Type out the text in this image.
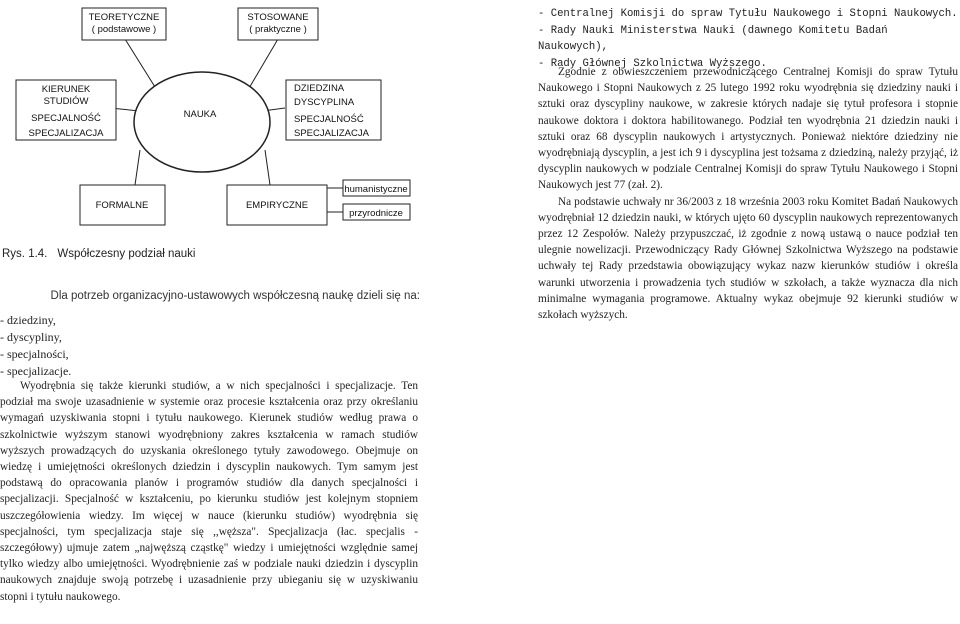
TEORETYCZNE
( podstawowe )
STOSOWANE
( praktyczne )
NAUKA
KIERUNEK
STUDIÓW
SPECJALNOŚĆ
SPECJALIZACJA
DZIEDZINA
DYSCYPLINA
SPECJALNOŚĆ
SPECJALIZACJA
FORMALNE	EMPIRYCZNE
humanistyczne
przyrodnicze
Rys. 1.4. Współczesny podział nauki
Dla potrzeb organizacyjno-ustawowych współczesną naukę dzieli się na:
- dziedziny,
- dyscypliny,
- specjalności,
- specjalizacje.

Wyodrębnia się także kierunki studiów, a w nich specjalności i specjalizacje. Ten podział ma swoje uzasadnienie w systemie oraz procesie kształcenia oraz przy określaniu wymagań uzyskiwania stopni i tytułu naukowego. Kierunek studiów według prawa o szkolnictwie wyższym stanowi wyodrębniony zakres kształcenia w ramach studiów wyższych prowadzących do uzyskania określonego tytuły zawodowego. Obejmuje on wiedzę i umiejętności określonych dziedzin i dyscyplin naukowych. Tym samym jest podstawą do opracowania planów i programów studiów dla danych specjalności i specjalizacji. Specjalność w kształceniu, po kierunku studiów jest kolejnym stopniem uszczegółowienia wiedzy. Im więcej w nauce (kierunku studiów) wyodrębnia się specjalności, tym specjalizacja staje się ,,węższa". Specjalizacja (łac. specjalis - szczegółowy) ujmuje zatem „najwęższą cząstkę" wiedzy i umiejętności względnie samej tylko wiedzy albo umiejętności. Wyodrębnienie zaś w podziale nauki dziedzin i dyscyplin naukowych znajduje swoją potrzebę i uzasadnienie przy ubieganiu się w uzyskiwaniu stopni i tytułu naukowego.

- Centralnej Komisji do spraw Tytułu Naukowego i Stopni Naukowych.
- Rady Nauki Ministerstwa Nauki (dawnego Komitetu Badań Naukowych),
- Rady Głównej Szkolnictwa Wyższego.

Zgodnie z obwieszczeniem przewodniczącego Centralnej Komisji do spraw Tytułu Naukowego i Stopni Naukowych z 25 lutego 1992 roku wyodrębnia się dziedziny nauki i sztuki oraz dyscypliny naukowe, w zakresie których nadaje się tytuł profesora i stopnie naukowe doktora i doktora habilitowanego. Podział ten wyodrębnia 21 dziedzin nauki i sztuki oraz 68 dyscyplin naukowych i artystycznych. Ponieważ niektóre dziedziny nie wyodrębniają dyscyplin, a jest ich 9 i dyscyplina jest tożsama z dziedziną, należy przyjąć, iż dyscyplin naukowych w podziale Centralnej Komisji do spraw Tytułu Naukowego i Stopni Naukowych jest 77 (zał. 2).

Na podstawie uchwały nr 36/2003 z 18 września 2003 roku Komitet Badań Naukowych wyodrębniał 12 dziedzin nauki, w których ujęto 60 dyscyplin naukowych reprezentowanych przez 12 Zespołów. Należy przypuszczać, iż zgodnie z nową ustawą o nauce podział ten ulegnie nowelizacji. Przewodniczący Rady Głównej Szkolnictwa Wyższego na podstawie uchwały tej Rady przedstawia obowiązujący wykaz nazw kierunków studiów i określa warunki utworzenia i prowadzenia tych studiów w szkołach, a także wyznacza dla nich minimalne wymagania programowe. Aktualny wykaz obejmuje 92 kierunki studiów w szkołach wyższych.
